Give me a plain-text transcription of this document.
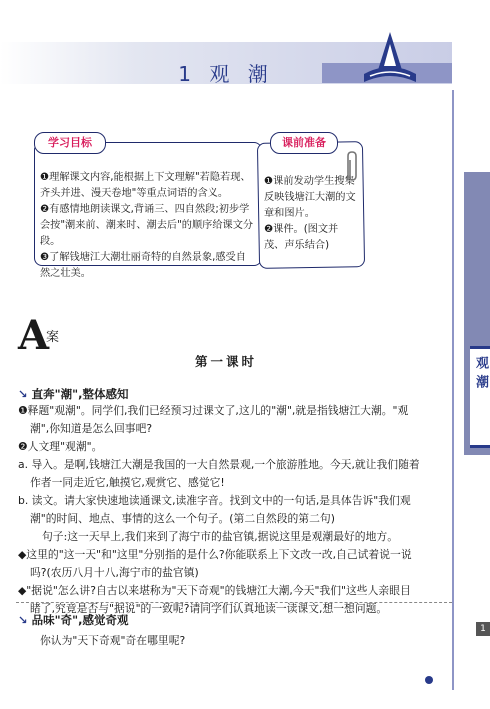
1 观 潮
观潮
1
学习目标

❶理解课文内容,能根据上下文理解"若隐若现、齐头并进、漫天卷地"等重点词语的含义。

❷有感情地朗读课文,背诵三、四自然段;初步学会按"潮来前、潮来时、潮去后"的顺序给课文分段。

❸了解钱塘江大潮壮丽奇特的自然景象,感受自然之壮美。

课前准备

❶课前发动学生搜集反映钱塘江大潮的文章和图片。

❷课件。(图文并茂、声乐结合)

A
案
第一课时
↘ 直奔"潮",整体感知
❶释题"观潮"。同学们,我们已经预习过课文了,这儿的"潮",就是指钱塘江大潮。"观
潮",你知道是怎么回事吧?
❷人文理"观潮"。
a. 导入。是啊,钱塘江大潮是我国的一大自然景观,一个旅游胜地。今天,就让我们随着
作者一同走近它,触摸它,观赏它、感觉它!
b. 读文。请大家快速地读通课文,读准字音。找到文中的一句话,是具体告诉"我们观
潮"的时间、地点、事情的这么一个句子。(第二自然段的第二句)
句子:这一天早上,我们来到了海宁市的盐官镇,据说这里是观潮最好的地方。
◆这里的"这一天"和"这里"分别指的是什么?你能联系上下文改一改,自己试着说一说
吗?(农历八月十八,海宁市的盐官镇)
◆"据说"怎么讲?自古以来堪称为"天下奇观"的钱塘江大潮,今天"我们"这些人亲眼目
睹了,究竟是否与"据说"的一致呢?请同学们认真地读一读课文,想一想问题。
↘ 品味"奇",感觉奇观
你认为"天下奇观"奇在哪里呢?
